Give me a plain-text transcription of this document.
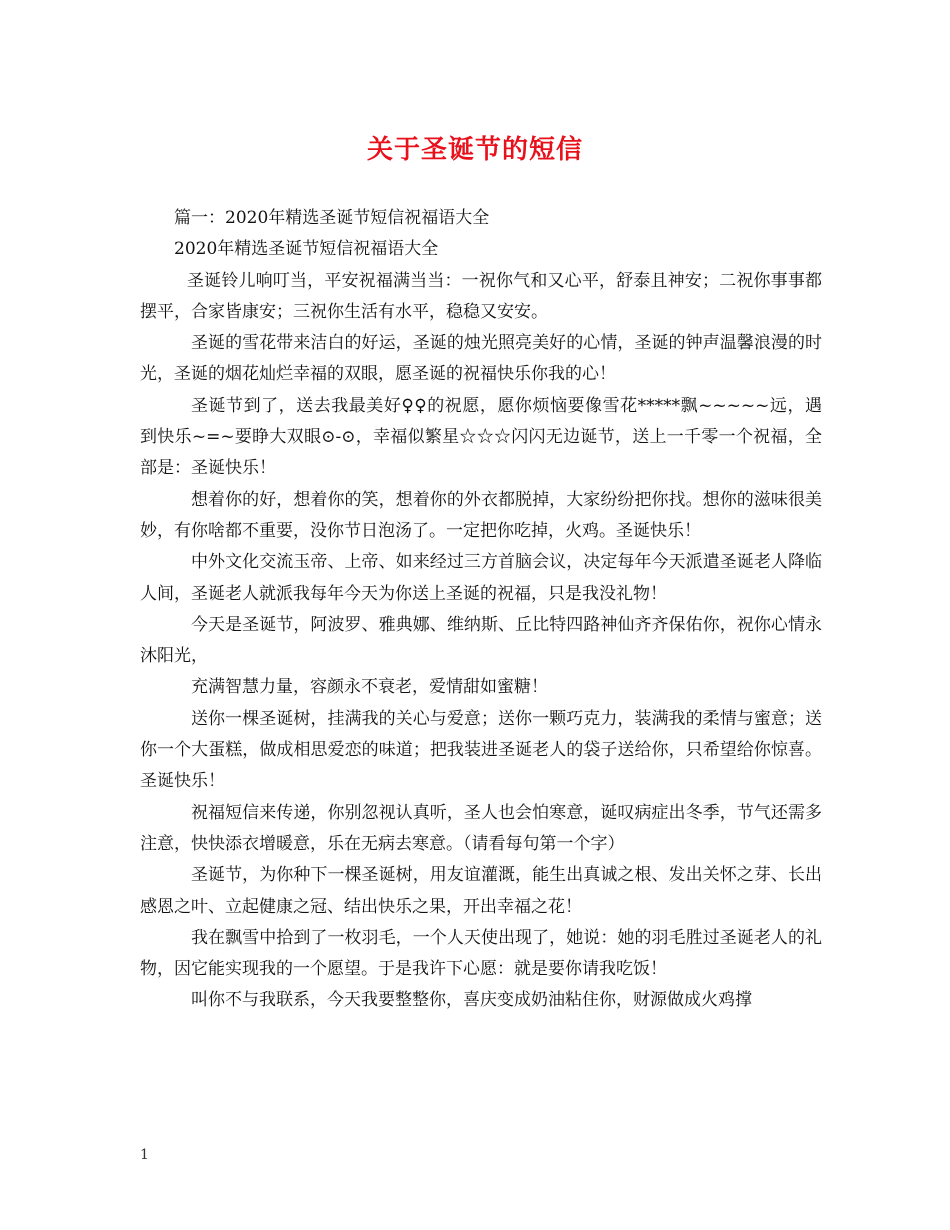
关于圣诞节的短信

篇一：2020年精选圣诞节短信祝福语大全

2020年精选圣诞节短信祝福语大全

圣诞铃儿响叮当，平安祝福满当当：一祝你气和又心平，舒泰且神安；二祝你事事都摆平，合家皆康安；三祝你生活有水平，稳稳又安安。

圣诞的雪花带来洁白的好运，圣诞的烛光照亮美好的心情，圣诞的钟声温馨浪漫的时光，圣诞的烟花灿烂幸福的双眼，愿圣诞的祝福快乐你我的心！

圣诞节到了，送去我最美好♀♀的祝愿，愿你烦恼要像雪花*****飘~~~~~远，遇到快乐~=~要睁大双眼⊙-⊙，幸福似繁星☆☆☆闪闪无边诞节，送上一千零一个祝福，全部是：圣诞快乐！

想着你的好，想着你的笑，想着你的外衣都脱掉，大家纷纷把你找。想你的滋味很美妙，有你啥都不重要，没你节日泡汤了。一定把你吃掉，火鸡。圣诞快乐！

中外文化交流玉帝、上帝、如来经过三方首脑会议，决定每年今天派遣圣诞老人降临人间，圣诞老人就派我每年今天为你送上圣诞的祝福，只是我没礼物！

今天是圣诞节，阿波罗、雅典娜、维纳斯、丘比特四路神仙齐齐保佑你，祝你心情永沐阳光，

充满智慧力量，容颜永不衰老，爱情甜如蜜糖！

送你一棵圣诞树，挂满我的关心与爱意；送你一颗巧克力，装满我的柔情与蜜意；送你一个大蛋糕，做成相思爱恋的味道；把我装进圣诞老人的袋子送给你，只希望给你惊喜。圣诞快乐！

祝福短信来传递，你别忽视认真听，圣人也会怕寒意，诞叹病症出冬季，节气还需多注意，快快添衣增暖意，乐在无病去寒意。（请看每句第一个字）

圣诞节，为你种下一棵圣诞树，用友谊灌溉，能生出真诚之根、发出关怀之芽、长出感恩之叶、立起健康之冠、结出快乐之果，开出幸福之花！

我在飘雪中拾到了一枚羽毛，一个人天使出现了，她说：她的羽毛胜过圣诞老人的礼物，因它能实现我的一个愿望。于是我许下心愿：就是要你请我吃饭！

叫你不与我联系，今天我要整整你，喜庆变成奶油粘住你，财源做成火鸡撑

1
